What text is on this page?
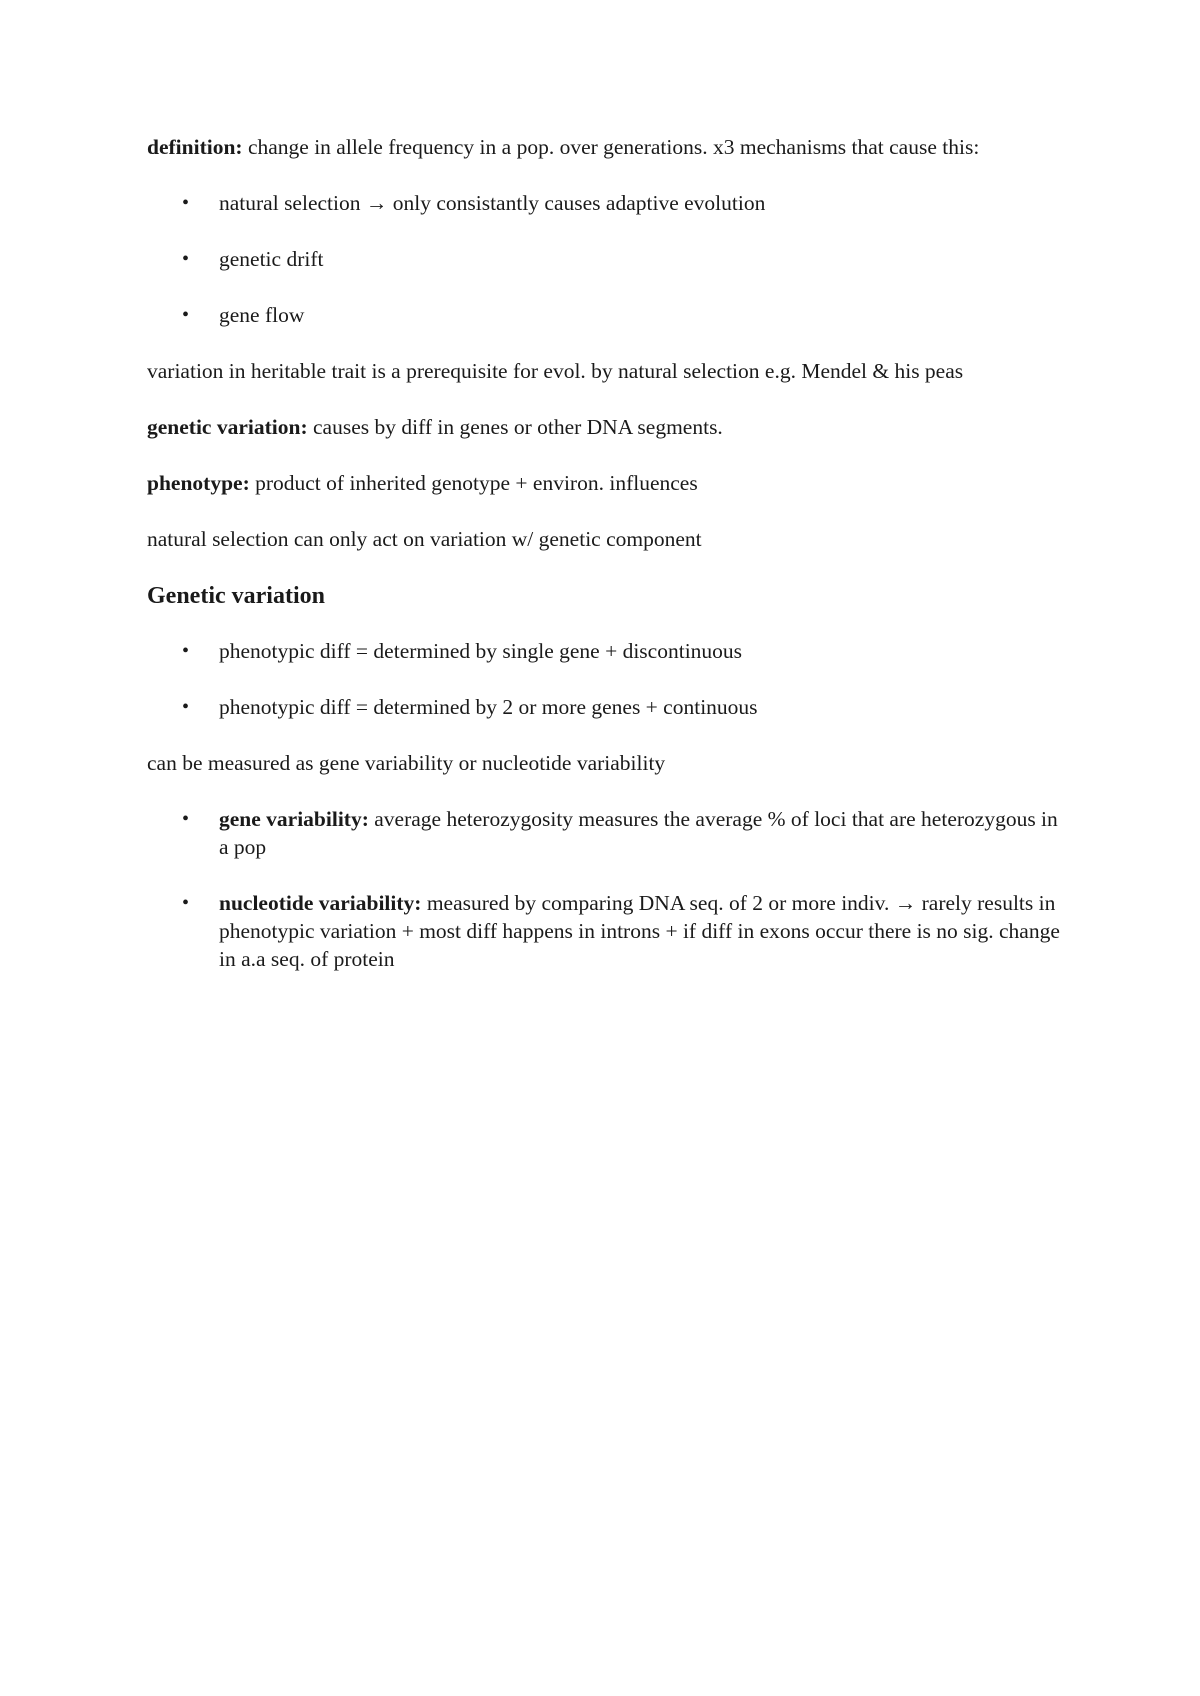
definition: change in allele frequency in a pop. over generations. x3 mechanisms that cause this:

• natural selection → only consistantly causes adaptive evolution
• genetic drift
• gene flow

variation in heritable trait is a prerequisite for evol. by natural selection e.g. Mendel & his peas

genetic variation: causes by diff in genes or other DNA segments.

phenotype: product of inherited genotype + environ. influences

natural selection can only act on variation w/ genetic component

Genetic variation
• phenotypic diff = determined by single gene + discontinuous
• phenotypic diff = determined by 2 or more genes + continuous

can be measured as gene variability or nucleotide variability

• gene variability: average heterozygosity measures the average % of loci that are heterozygous in a pop
• nucleotide variability: measured by comparing DNA seq. of 2 or more indiv. → rarely results in phenotypic variation + most diff happens in introns + if diff in exons occur there is no sig. change in a.a seq. of protein
